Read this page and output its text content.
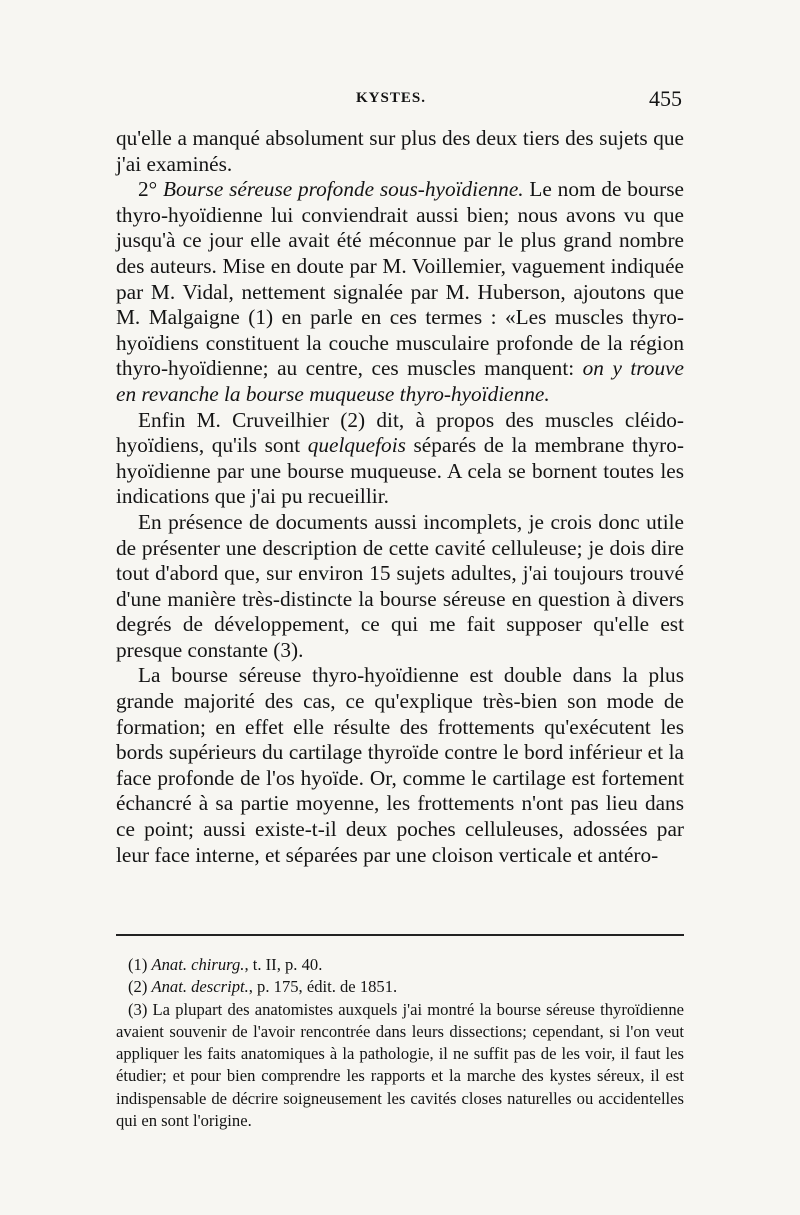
KYSTES.	455

qu'elle a manqué absolument sur plus des deux tiers des sujets que j'ai examinés.

2° Bourse séreuse profonde sous-hyoïdienne. Le nom de bourse thyro-hyoïdienne lui conviendrait aussi bien; nous avons vu que jusqu'à ce jour elle avait été méconnue par le plus grand nombre des auteurs. Mise en doute par M. Voillemier, vaguement indiquée par M. Vidal, nettement signalée par M. Huberson, ajoutons que M. Malgaigne (1) en parle en ces termes : «Les muscles thyro-hyoïdiens constituent la couche musculaire profonde de la région thyro-hyoïdienne; au centre, ces muscles manquent: on y trouve en revanche la bourse muqueuse thyro-hyoïdienne.

Enfin M. Cruveilhier (2) dit, à propos des muscles cléido-hyoïdiens, qu'ils sont quelquefois séparés de la membrane thyro-hyoïdienne par une bourse muqueuse. A cela se bornent toutes les indications que j'ai pu recueillir.

En présence de documents aussi incomplets, je crois donc utile de présenter une description de cette cavité celluleuse; je dois dire tout d'abord que, sur environ 15 sujets adultes, j'ai toujours trouvé d'une manière très-distincte la bourse séreuse en question à divers degrés de développement, ce qui me fait supposer qu'elle est presque constante (3).

La bourse séreuse thyro-hyoïdienne est double dans la plus grande majorité des cas, ce qu'explique très-bien son mode de formation; en effet elle résulte des frottements qu'exécutent les bords supérieurs du cartilage thyroïde contre le bord inférieur et la face profonde de l'os hyoïde. Or, comme le cartilage est fortement échancré à sa partie moyenne, les frottements n'ont pas lieu dans ce point; aussi existe-t-il deux poches celluleuses, adossées par leur face interne, et séparées par une cloison verticale et antéro-

(1) Anat. chirurg., t. II, p. 40.

(2) Anat. descript., p. 175, édit. de 1851.

(3) La plupart des anatomistes auxquels j'ai montré la bourse séreuse thyroïdienne avaient souvenir de l'avoir rencontrée dans leurs dissections; cependant, si l'on veut appliquer les faits anatomiques à la pathologie, il ne suffit pas de les voir, il faut les étudier; et pour bien comprendre les rapports et la marche des kystes séreux, il est indispensable de décrire soigneusement les cavités closes naturelles ou accidentelles qui en sont l'origine.
